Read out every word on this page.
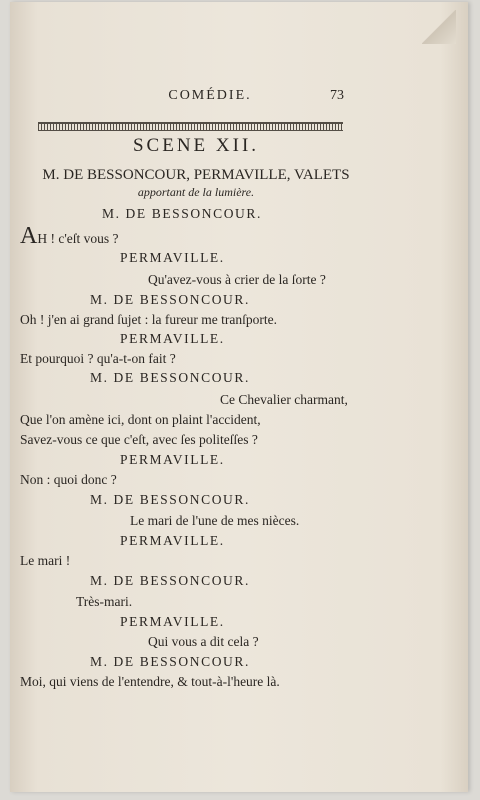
COMÉDIE.	73
SCENE XII.
M. DE BESSONCOUR, PERMAVILLE, VALETS
apportant de la lumière.
M. DE BESSONCOUR.
AH ! c'eſt vous ?
PERMAVILLE.
Qu'avez-vous à crier de la ſorte ?
M. DE BESSONCOUR.
Oh ! j'en ai grand ſujet : la fureur me tranſporte.
PERMAVILLE.
Et pourquoi ? qu'a-t-on fait ?
M. DE BESSONCOUR.
Ce Chevalier charmant,
Que l'on amène ici, dont on plaint l'accident,
Savez-vous ce que c'eſt, avec ſes politeſſes ?
PERMAVILLE.
Non : quoi donc ?
M. DE BESSONCOUR.
Le mari de l'une de mes nièces.
PERMAVILLE.
Le mari !
M. DE BESSONCOUR.
Très-mari.
PERMAVILLE.
Qui vous a dit cela ?
M. DE BESSONCOUR.
Moi, qui viens de l'entendre, & tout-à-l'heure là.
